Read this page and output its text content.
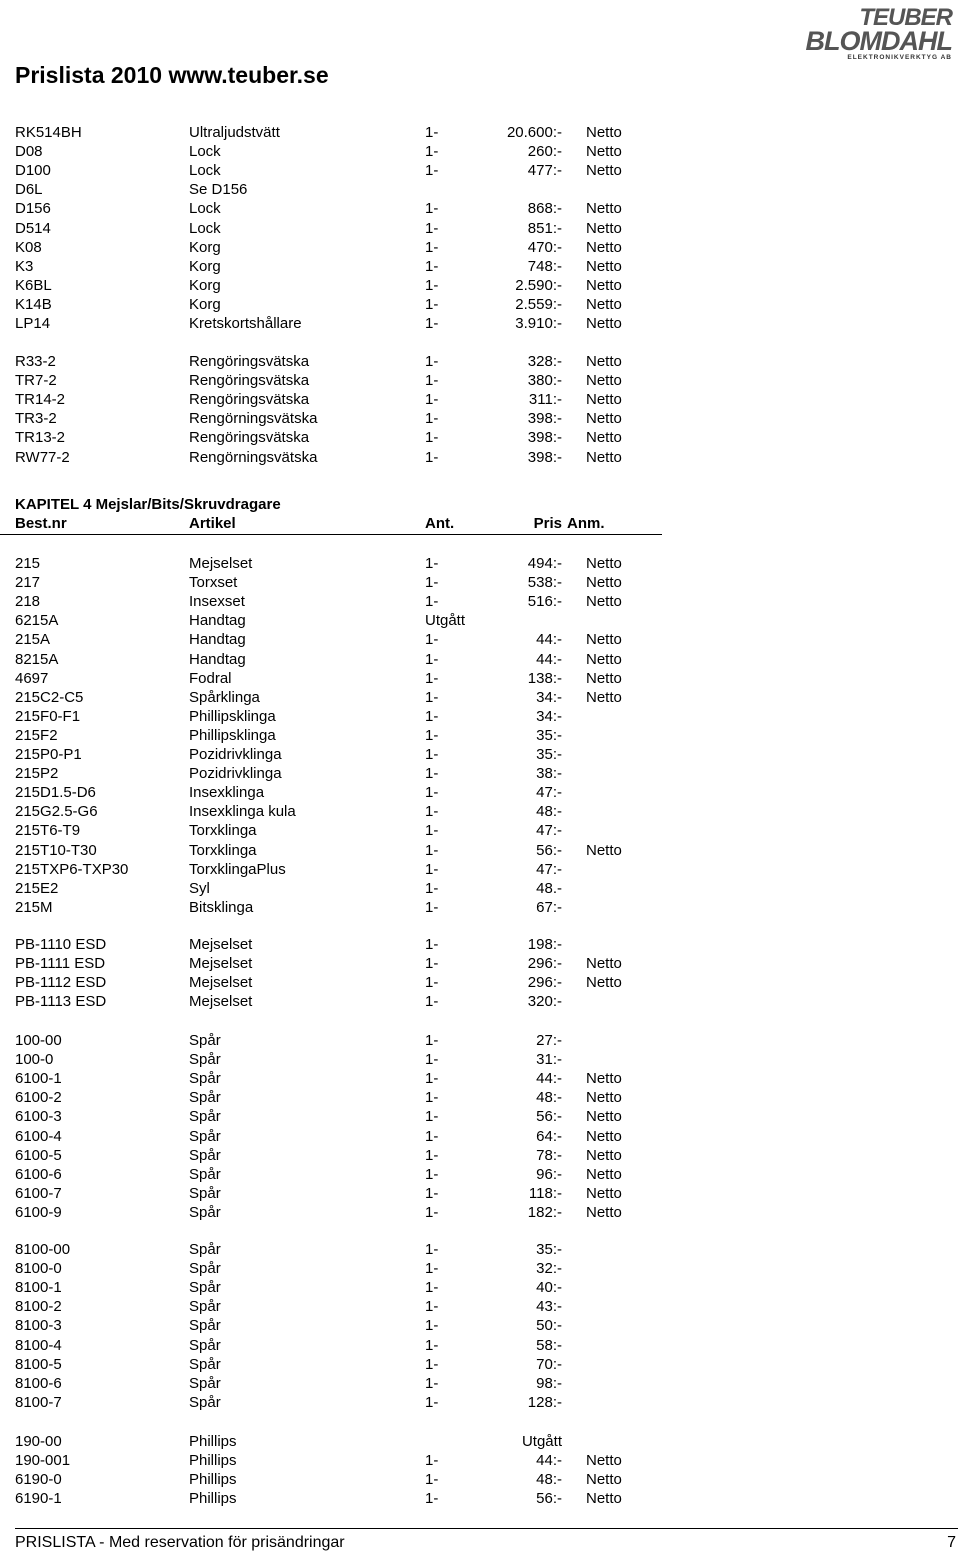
Prislista 2010 www.teuber.se
TEUBER
BLOMDAHL
ELEKTRONIKVERKTYG AB
RK514BH	Ultraljudstvätt	1-	20.600:- Netto
D08	Lock	1-	260:- Netto
D100	Lock	1-	477:- Netto
D6L	Se D156
D156	Lock	1-	868:- Netto
D514	Lock	1-	851:- Netto
K08	Korg	1-	470:- Netto
K3	Korg	1-	748:- Netto
K6BL	Korg	1-	2.590:- Netto
K14B	Korg	1-	2.559:- Netto
LP14	Kretskortshållare	1-	3.910:- Netto
R33-2	Rengöringsvätska	1-	328:- Netto
TR7-2	Rengöringsvätska	1-	380:- Netto
TR14-2	Rengöringsvätska	1-	311:- Netto
TR3-2	Rengörningsvätska	1-	398:- Netto
TR13-2	Rengöringsvätska	1-	398:- Netto
RW77-2	Rengörningsvätska	1-	398:- Netto
215	Mejselset	1-	494:- Netto
217	Torxset	1-	538:- Netto
218	Insexset	1-	516:- Netto
6215A	Handtag	Utgått
215A	Handtag	1-	44:- Netto
8215A	Handtag	1-	44:- Netto
4697	Fodral	1-	138:- Netto
215C2-C5	Spårklinga	1-	34:- Netto
215F0-F1	Phillipsklinga	1-	34:-
215F2	Phillipsklinga	1-	35:-
215P0-P1	Pozidrivklinga	1-	35:-
215P2	Pozidrivklinga	1-	38:-
215D1.5-D6	Insexklinga	1-	47:-
215G2.5-G6	Insexklinga kula	1-	48:-
215T6-T9	Torxklinga	1-	47:-
215T10-T30	Torxklinga	1-	56:- Netto
215TXP6-TXP30	TorxklingaPlus	1-	47:-
215E2	Syl	1-	48.-
215M	Bitsklinga	1-	67:-
PB-1110 ESD	Mejselset	1-	198:-
PB-1111 ESD	Mejselset	1-	296:- Netto
PB-1112 ESD	Mejselset	1-	296:- Netto
PB-1113 ESD	Mejselset	1-	320:-
100-00	Spår	1-	27:-
100-0	Spår	1-	31:-
6100-1	Spår	1-	44:- Netto
6100-2	Spår	1-	48:- Netto
6100-3	Spår	1-	56:- Netto
6100-4	Spår	1-	64:- Netto
6100-5	Spår	1-	78:- Netto
6100-6	Spår	1-	96:- Netto
6100-7	Spår	1-	118:- Netto
6100-9	Spår	1-	182:- Netto
8100-00	Spår	1-	35:-
8100-0	Spår	1-	32:-
8100-1	Spår	1-	40:-
8100-2	Spår	1-	43:-
8100-3	Spår	1-	50:-
8100-4	Spår	1-	58:-
8100-5	Spår	1-	70:-
8100-6	Spår	1-	98:-
8100-7	Spår	1-	128:-
190-00	Phillips	Utgått
190-001	Phillips	1-	44:- Netto
6190-0	Phillips	1-	48:- Netto
6190-1	Phillips	1-	56:- Netto
KAPITEL 4 Mejslar/Bits/Skruvdragare
Best.nr	Artikel	Ant.	Pris Anm.
PRISLISTA - Med reservation för prisändringar	7
